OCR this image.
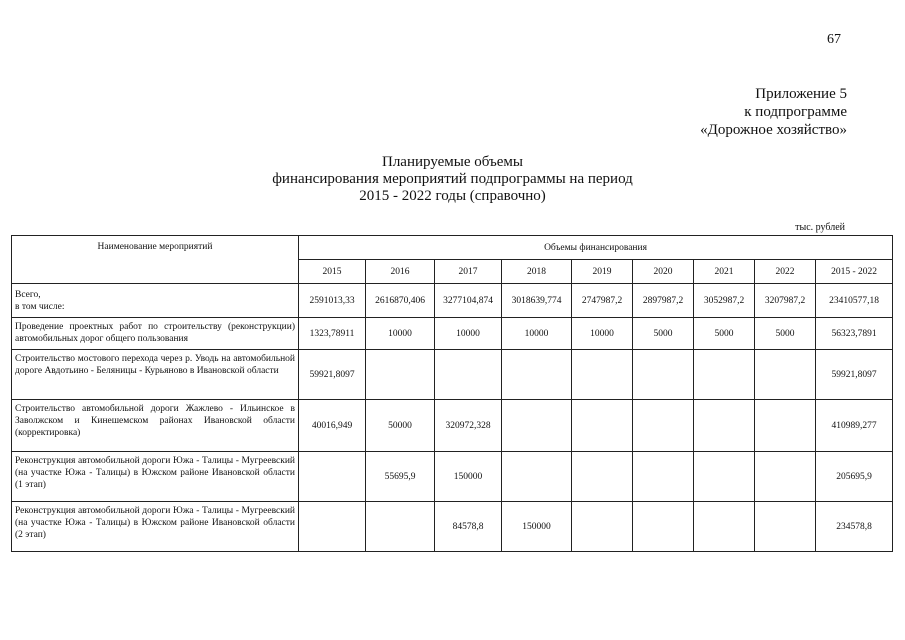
67
Приложение 5
к подпрограмме
«Дорожное хозяйство»
Планируемые объемы
финансирования мероприятий подпрограммы на период
2015 - 2022 годы (справочно)
тыс. рублей
Наименование мероприятий	Объемы финансирования								
	2015	2016	2017	2018	2019	2020	2021	2022	2015 - 2022
Всего,
в том числе:	2591013,33	2616870,406	3277104,874	3018639,774	2747987,2	2897987,2	3052987,2	3207987,2	23410577,18
Проведение проектных работ по строительству (реконструкции) автомобильных дорог общего пользования	1323,78911	10000	10000	10000	10000	5000	5000	5000	56323,7891
Строительство мостового перехода через р. Уводь на автомобильной дороге Авдотьино - Беляницы - Курьяново в Ивановской области	59921,8097								59921,8097
Строительство автомобильной дороги Жажлево - Ильинское в Заволжском и Кинешемском районах Ивановской области (корректировка)	40016,949	50000	320972,328						410989,277
Реконструкция автомобильной дороги Южа - Талицы - Мугреевский (на участке Южа - Талицы) в Южском районе Ивановской области (1 этап)		55695,9	150000						205695,9
Реконструкция автомобильной дороги Южа - Талицы - Мугреевский (на участке Южа - Талицы) в Южском районе Ивановской области (2 этап)			84578,8	150000					234578,8
